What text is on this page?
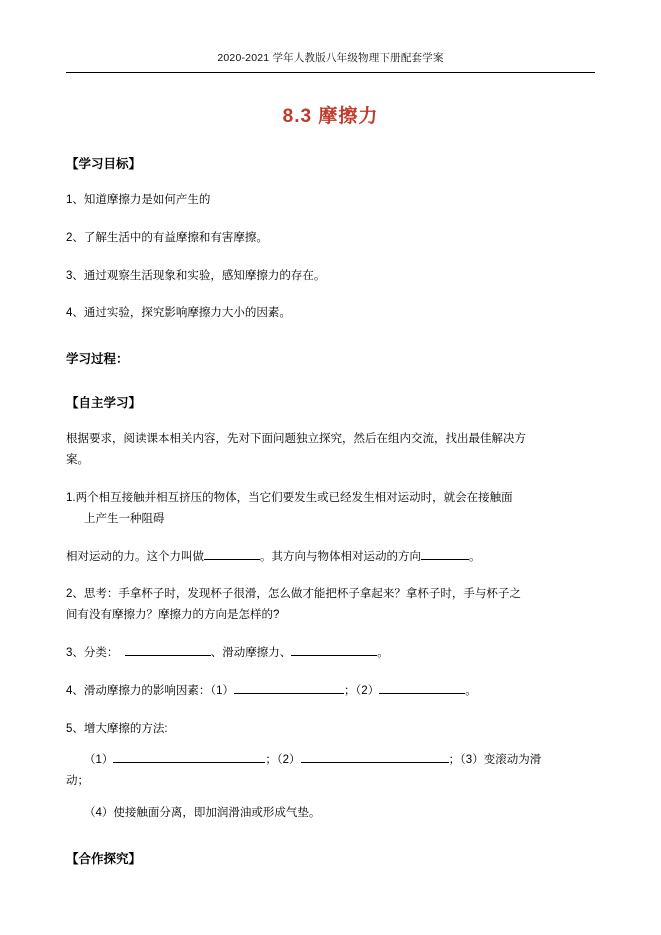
2020-2021 学年人教版八年级物理下册配套学案
8.3 摩擦力
【学习目标】

1、知道摩擦力是如何产生的

2、了解生活中的有益摩擦和有害摩擦。

3、通过观察生活现象和实验，感知摩擦力的存在。

4、通过实验，探究影响摩擦力大小的因素。

学习过程：
【自主学习】

根据要求，阅读课本相关内容，先对下面问题独立探究，然后在组内交流，找出最佳解决方

案。

1.两个相互接触并相互挤压的物体，当它们要发生或已经发生相对运动时，就会在接触面

上产生一种阻碍

相对运动的力。这个力叫做	。其方向与物体相对运动的方向	。

2、思考：手拿杯子时，发现杯子很滑，怎么做才能把杯子拿起来？拿杯子时，手与杯子之

间有没有摩擦力？摩擦力的方向是怎样的?

3、分类：	、滑动摩擦力、	。

4、滑动摩擦力的影响因素：（1）	；（2）	。

5、增大摩擦的方法:

（1）	；（2）	；（3）变滚动为滑
动；
（4）使接触面分离，即加润滑油或形成气垫。
【合作探究】
